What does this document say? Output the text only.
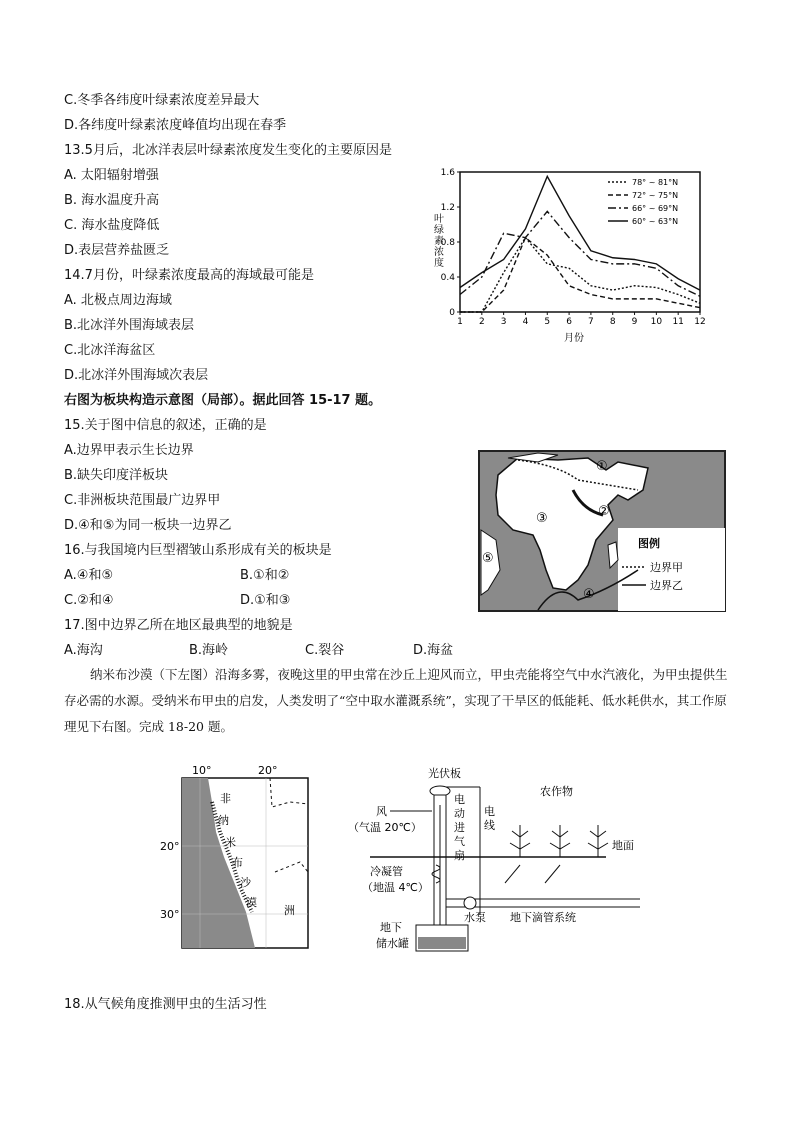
C.冬季各纬度叶绿素浓度差异最大
D.各纬度叶绿素浓度峰值均出现在春季
13.5月后，北冰洋表层叶绿素浓度发生变化的主要原因是
A. 太阳辐射增强
B. 海水温度升高
C. 海水盐度降低
D.表层营养盐匮乏
14.7月份，叶绿素浓度最高的海域最可能是
A. 北极点周边海域
B.北冰洋外围海域表层
C.北冰洋海盆区
D.北冰洋外围海域次表层
右图为板块构造示意图（局部）。据此回答 15-17 题。
15.关于图中信息的叙述，正确的是
A.边界甲表示生长边界
B.缺失印度洋板块
C.非洲板块范围最广边界甲
D.④和⑤为同一板块一边界乙
16.与我国境内巨型褶皱山系形成有关的板块是
A.④和⑤	B.①和②
C.②和④	D.①和③
17.图中边界乙所在地区最典型的地貌是
A.海沟	B.海岭	C.裂谷	D.海盆
纳米布沙漠（下左图）沿海多雾，夜晚这里的甲虫常在沙丘上迎风而立，甲虫壳能将空气中水汽液化，为甲虫提供生存必需的水源。受纳米布甲虫的启发，人类发明了“空中取水灌溉系统”，实现了干旱区的低能耗、低水耗供水，其工作原理见下右图。完成 18-20 题。
18.从气候角度推测甲虫的生活习性
0
0.4
0.8
1.2
1.6
1 2 3 4 5 6 7 8 9 10 11 12
78° ~ 81°N
72° ~ 75°N
66° ~ 69°N
60° ~ 63°N
叶绿素浓度
月份
①
②
③
④
⑤
图例
边界甲
边界乙
10°	20°
20°
30°
非
纳
米
布
沙
漠
洲
光伏板
风
（气温 20℃）
电
动
进
气
扇
电
线
农作物
地面
冷凝管
（地温 4℃）
水泵 地下滴管系统
地下
储水罐
